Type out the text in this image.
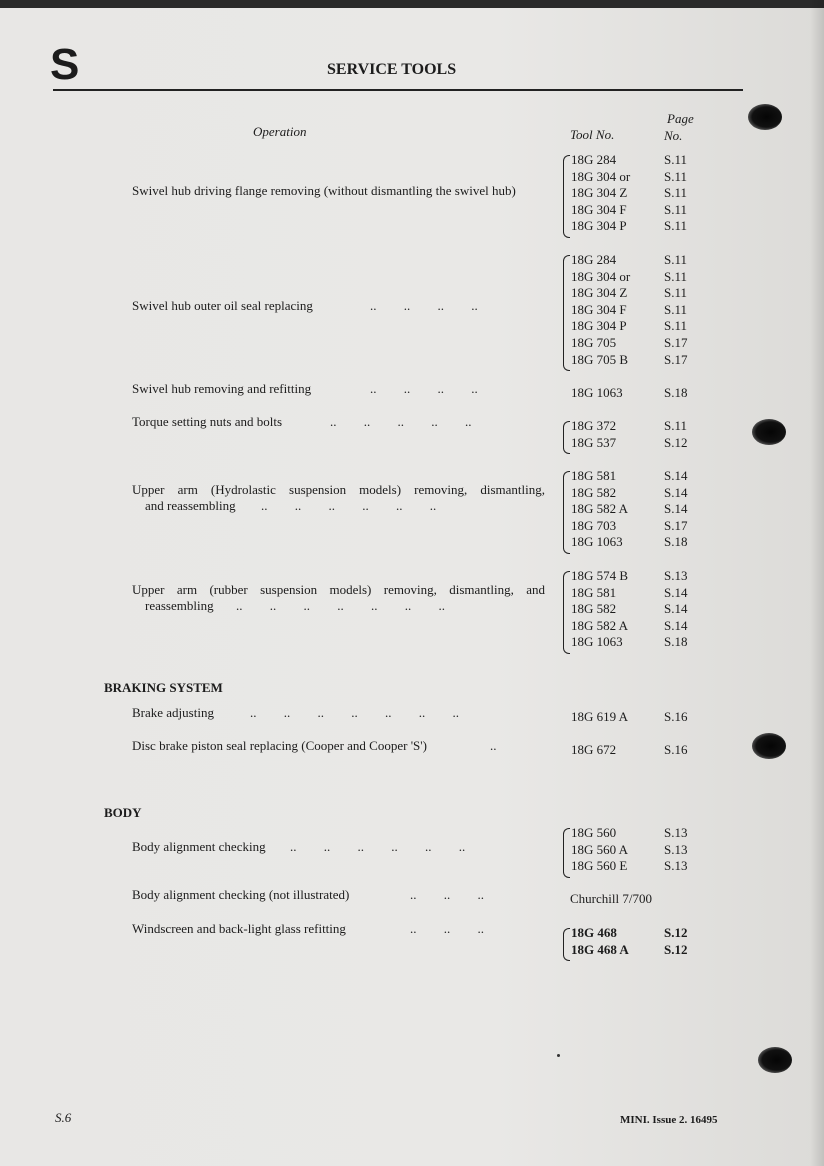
S	SERVICE TOOLS
Operation	Tool No.
Page
No.
Swivel hub driving flange removing (without dismantling the swivel hub)
18G 284	S.11
18G 304 or	S.11
18G 304 Z	S.11
18G 304 F	S.11
18G 304 P	S.11
Swivel hub outer oil seal replacing	.. .. .. ..
18G 284	S.11
18G 304 or	S.11
18G 304 Z	S.11
18G 304 F	S.11
18G 304 P	S.11
18G 705	S.17
18G 705 B	S.17
Swivel hub removing and refitting	.. .. .. ..	18G 1063	S.18
Torque setting nuts and bolts	.. .. .. .. ..	18G 372	S.11
18G 537	S.12
Upper arm (Hydrolastic suspension models) removing, dismantling,
and reassembling .. .. .. .. .. ..
18G 581	S.14
18G 582	S.14
18G 582 A	S.14
18G 703	S.17
18G 1063	S.18
Upper arm (rubber suspension models) removing, dismantling, and
reassembling .. .. .. .. .. .. ..
18G 574 B	S.13
18G 581	S.14
18G 582	S.14
18G 582 A	S.14
18G 1063	S.18
BRAKING SYSTEM
Brake adjusting	.. .. .. .. .. .. ..	18G 619 A	S.16
Disc brake piston seal replacing (Cooper and Cooper 'S')	..	18G 672	S.16
BODY
Body alignment checking .. .. .. .. .. ..
18G 560	S.13
18G 560 A	S.13
18G 560 E	S.13
Body alignment checking (not illustrated)	.. .. ..	Churchill 7/700
Windscreen and back-light glass refitting	.. .. ..	18G 468	S.12
18G 468 A	S.12
S.6	MINI. Issue 2. 16495
